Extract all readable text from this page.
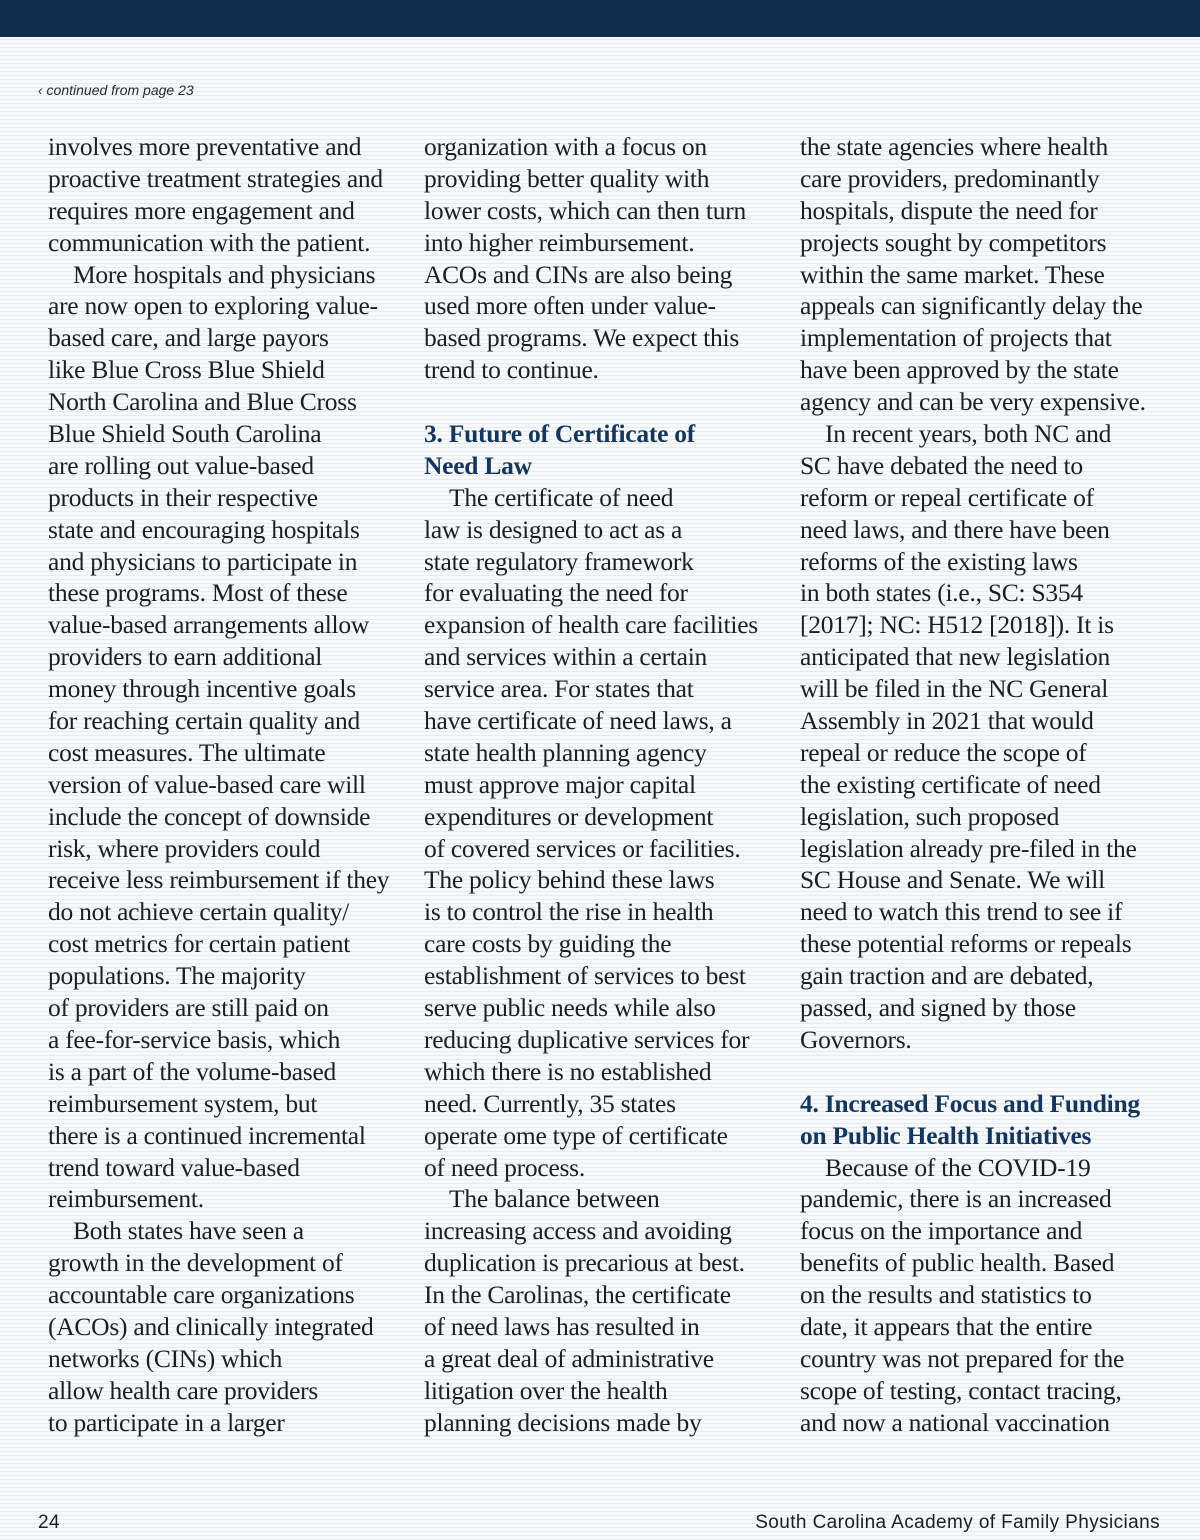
‹ continued from page 23
involves more preventative and
proactive treatment strategies and
requires more engagement and
communication with the patient.
More hospitals and physicians
are now open to exploring value-
based care, and large payors
like Blue Cross Blue Shield
North Carolina and Blue Cross
Blue Shield South Carolina
are rolling out value-based
products in their respective
state and encouraging hospitals
and physicians to participate in
these programs. Most of these
value-based arrangements allow
providers to earn additional
money through incentive goals
for reaching certain quality and
cost measures. The ultimate
version of value-based care will
include the concept of downside
risk, where providers could
receive less reimbursement if they
do not achieve certain quality/
cost metrics for certain patient
populations. The majority
of providers are still paid on
a fee-for-service basis, which
is a part of the volume-based
reimbursement system, but
there is a continued incremental
trend toward value-based
reimbursement.
Both states have seen a
growth in the development of
accountable care organizations
(ACOs) and clinically integrated
networks (CINs) which
allow health care providers
to participate in a larger
organization with a focus on
providing better quality with
lower costs, which can then turn
into higher reimbursement.
ACOs and CINs are also being
used more often under value-
based programs. We expect this
trend to continue.
3. Future of Certificate of
Need Law
The certificate of need
law is designed to act as a
state regulatory framework
for evaluating the need for
expansion of health care facilities
and services within a certain
service area. For states that
have certificate of need laws, a
state health planning agency
must approve major capital
expenditures or development
of covered services or facilities.
The policy behind these laws
is to control the rise in health
care costs by guiding the
establishment of services to best
serve public needs while also
reducing duplicative services for
which there is no established
need. Currently, 35 states
operate ome type of certificate
of need process.
The balance between
increasing access and avoiding
duplication is precarious at best.
In the Carolinas, the certificate
of need laws has resulted in
a great deal of administrative
litigation over the health
planning decisions made by
the state agencies where health
care providers, predominantly
hospitals, dispute the need for
projects sought by competitors
within the same market. These
appeals can significantly delay the
implementation of projects that
have been approved by the state
agency and can be very expensive.
In recent years, both NC and
SC have debated the need to
reform or repeal certificate of
need laws, and there have been
reforms of the existing laws
in both states (i.e., SC: S354
[2017]; NC: H512 [2018]). It is
anticipated that new legislation
will be filed in the NC General
Assembly in 2021 that would
repeal or reduce the scope of
the existing certificate of need
legislation, such proposed
legislation already pre-filed in the
SC House and Senate. We will
need to watch this trend to see if
these potential reforms or repeals
gain traction and are debated,
passed, and signed by those
Governors.
4. Increased Focus and Funding
on Public Health Initiatives
Because of the COVID-19
pandemic, there is an increased
focus on the importance and
benefits of public health. Based
on the results and statistics to
date, it appears that the entire
country was not prepared for the
scope of testing, contact tracing,
and now a national vaccination
24	South Carolina Academy of Family Physicians
